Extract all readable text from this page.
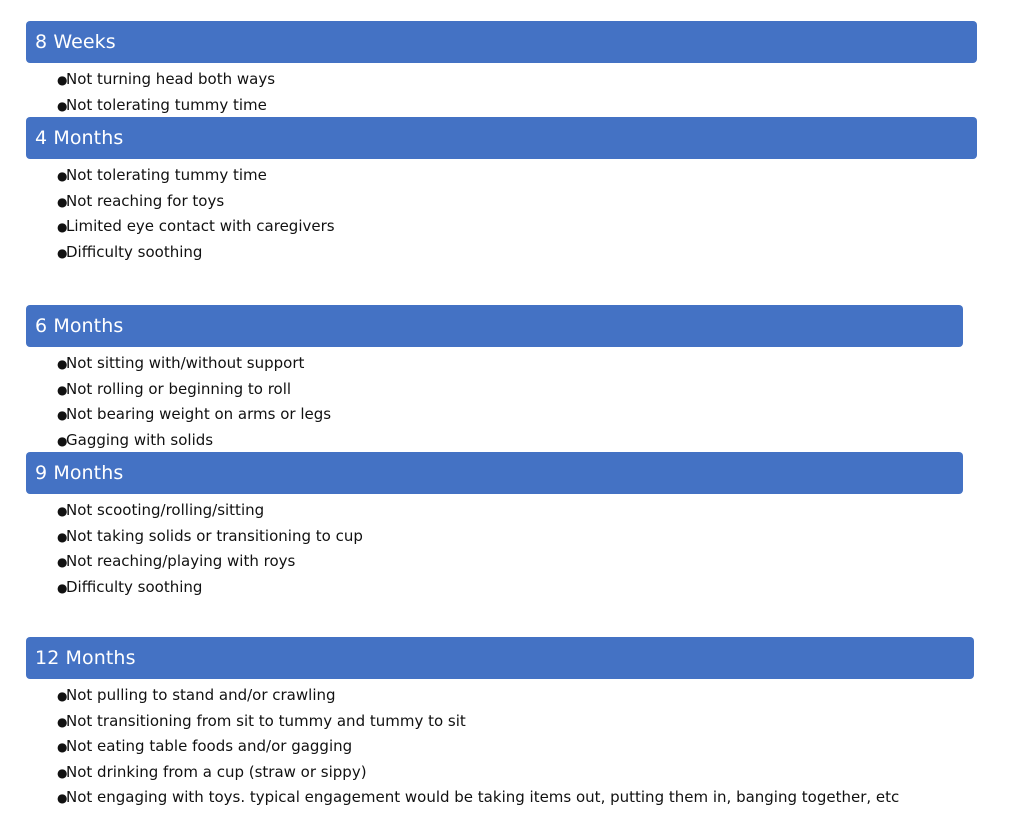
8 Weeks
●Not turning head both ways
●Not tolerating tummy time
4 Months
●Not tolerating tummy time
●Not reaching for toys
●Limited eye contact with caregivers
●Difficulty soothing
6 Months
●Not sitting with/without support
●Not rolling or beginning to roll
●Not bearing weight on arms or legs
●Gagging with solids
9 Months
●Not scooting/rolling/sitting
●Not taking solids or transitioning to cup
●Not reaching/playing with roys
●Difficulty soothing
12 Months
●Not pulling to stand and/or crawling
●Not transitioning from sit to tummy and tummy to sit
●Not eating table foods and/or gagging
●Not drinking from a cup (straw or sippy)
●Not engaging with toys. typical engagement would be taking items out, putting them in, banging together, etc
